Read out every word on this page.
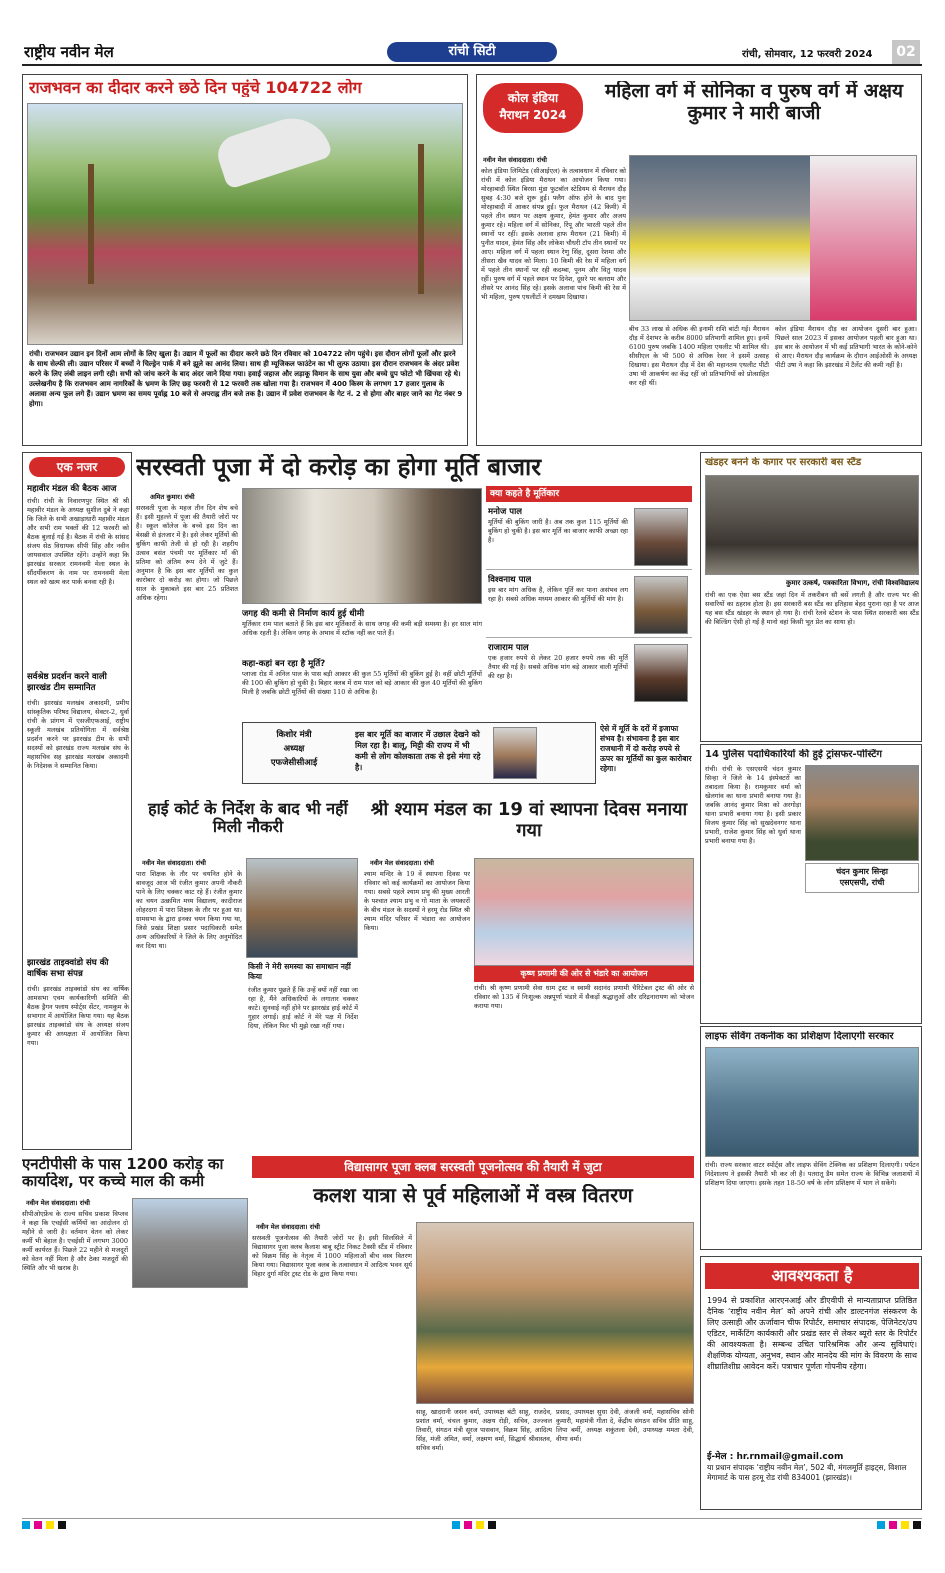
राष्ट्रीय नवीन मेल	रांची सिटी	रांची, सोमवार, 12 फरवरी 2024	02
राजभवन का दीदार करने छठे दिन पहुंचे 104722 लोग
रांची। राजभवन उद्यान इन दिनों आम लोगों के लिए खुला है। उद्यान में फूलों का दीदार करने छठे दिन रविवार को 104722 लोग पहुंचे। इस दौरान लोगों फूलों और झरने के साथ सेल्फी ली। उद्यान परिसर में बच्चों ने चिल्ड्रेन पार्क में बने झूले का आनंद लिया। साथ ही म्यूजिकल फाउंटेन का भी लुत्फ उठाया। इस दौरान राजभवन के अंदर प्रवेश करने के लिए लंबी लाइन लगी रही। सभी को जांच करने के बाद अंदर जाने दिया गया। हवाई जहाज और लड़ाकू विमान के साथ युवा और बच्चे ग्रुप फोटो भी खिंचवा रहे थे। उल्लेखनीय है कि राजभवन आम नागरिकों के भ्रमण के लिए छह फरवरी से 12 फरवरी तक खोला गया है। राजभवन में 400 किस्म के लगभग 17 हजार गुलाब के अलावा अन्य फूल लगे हैं। उद्यान भ्रमण का समय पूर्वाह्न 10 बजे से अपराह्न तीन बजे तक है। उद्यान में प्रवेश राजभवन के गेट नं. 2 से होगा और बाहर जाने का गेट नंबर 9 होगा।
कोल इंडिया
मैराथन 2024
महिला वर्ग में सोनिका व पुरुष वर्ग में अक्षय कुमार ने मारी बाजी
नवीन मेल संवाददाता। रांची
कोल इंडिया लिमिटेड (सीआईएल) के तत्वावधान में रविवार को रांची में कोल इंडिया मैराथन का आयोजन किया गया। मोरहाबादी स्थित बिरसा मुंडा फुटबॉल स्टेडियम से मैराथन दौड़ सुबह 4:30 बजे शुरू हुई। फ्लैग ऑफ होने के बाद पुनः मोरहाबादी में आकर संपन्न हुई। फुल मैराथन (42 किमी) में पहले तीन स्थान पर अक्षय कुमार, हेमंत कुमार और अजय कुमार रहे। महिला वर्ग में सोनिका, रिंपू और भारती पहले तीन स्थानों पर रहीं। इसके अलावा हाफ मैराथन (21 किमी) में पुनीत यादव, हेमंत सिंह और लोकेश चौधरी टॉप तीन स्थानों पर आए। महिला वर्ग में पहला स्थान रेणु सिंह, दूसरा रेशमा और तीसरा खैव यादव को मिला। 10 किमी की रेस में महिला वर्ग में पहले तीन स्थानों पर रही कदम्बा, पूनम और वितु यादव रहीं। पुरुष वर्ग में पहले स्थान पर दिनेश, दूसरे पर बलराम और तीसरे पर आनंद सिंह रहे। इसके अलावा पांच किमी की रेस में भी महिला, पुरुष एथलीटों ने दमखम दिखाया।
बीच 33 लाख से अधिक की इनामी राशि बांटी गई। मैराथन दौड़ में देशभर के करीब 8000 प्रतिभागी शामिल हुए। इनमें 6100 पुरुष जबकि 1400 महिला एथलीट भी शामिल थी। सीसीएल के भी 500 से अधिक रेसर ने इसमें उत्साह दिखाया। इस मैराथन दौड़ में देश की महानतम एथलीट पीटी उषा भी आकर्षण का केंद्र रहीं जो प्रतिभागियों को प्रोत्साहित कर रही थीं।
कोल इंडिया मैराथन दौड़ का आयोजन दूसरी बार हुआ। पिछले साल 2023 में इसका आयोजन पहली बार हुआ था। इस बार के आयोजन में भी कई प्रतिभागी भारत के कोने-कोने से आए। मैराथन दौड़ कार्यक्रम के दौरान आईओसी के अध्यक्ष पीटी उषा ने कहा कि झारखंड में टैलेंट की कमी नहीं है।
एक नजर
महावीर मंडल की बैठक आज
रांची। रांची के निवारणपुर स्थित श्री श्री महावीर मंडल के अध्यक्ष सुशील दुबे ने कहा कि जिले के सभी अखाड़ाधारी महावीर मंडल और सभी राम भक्तों की 12 फरवरी को बैठक बुलाई गई है। बैठक में रांची के सांसद संजय सेठ विधायक सीपी सिंह और नवीन जायसवाल उपस्थित रहेंगे। उन्होंने कहा कि झारखंड सरकार रामनवमी मेला स्थल के सौंदर्यीकरण के नाम पर रामनवमी मेला स्थल को खत्म कर पार्क बनवा रही है।
सर्वश्रेष्ठ प्रदर्शन करने वाली झारखंड टीम सम्मानित
रांची। झारखंड मलखंब अकादमी, प्रमीय सांस्कृतिक परिषद विद्यालय, सेक्टर-2, धुर्वा रांची के प्रांगण में एसजीएफआई, राष्ट्रीय स्कूली मलखंब प्रतियोगिता में सर्वश्रेष्ठ प्रदर्शन करने पर झारखंड टीम के सभी सदस्यों को झारखंड राज्य मलखंब संघ के महासचिव सह झारखंड मलखंब अकादमी के निदेशक ने सम्मानित किया।
झारखंड ताइक्वांडो संघ की वार्षिक सभा संपन्न
रांची। झारखंड ताइक्वांडो संघ का वार्षिक आमसभा एवम कार्यकारिणी समिति की बैठक ड्रैगन फ्लाय स्पोर्ट्स सेंटर, नामकुम के सभागार में आयोजित किया गया। यह बैठक झारखंड ताइक्वांडो संघ के अध्यक्ष संजय कुमार की अध्यक्षता में आयोजित किया गया।
सरस्वती पूजा में दो करोड़ का होगा मूर्ति बाजार
अमित कुमार। रांची
सरस्वती पूजा के महज तीन दिन शेष बचे हैं। इसी मुहल्ले में पूजा की तैयारी जोरों पर है। स्कूल कॉलेज के बच्चे इस दिन का बेसब्री से इंतजार में है। इसे लेकर मूर्तियों की बुकिंग काफी तेजी से हो रही है। शहरीय उत्सव बसंत पंचमी पर मूर्तिकार माँ की प्रतिमा को अंतिम रूप देने में जुटे हैं। अनुमान है कि इस बार मूर्तियों का कुल कारोबार दो करोड़ का होगा। जो पिछले साल के मुकाबले इस बार 25 प्रतिशत अधिक रहेगा।
क्या कहते है मूर्तिकार
मनोज पाल
मूर्तियों की बुकिंग जारी है। अब तक कुल 115 मूर्तियों की बुकिंग हो चुकी है। इस बार मूर्ति का बाजार काफी अच्छा रहा है।
विश्वनाथ पाल
इस बार मांग अधिक है, लेकिन पूर्ति कर पाना असंभव लग रहा है। सबसे अधिक मध्यम आकार की मूर्तियों की मांग है।
राजाराम पाल
एक हजार रुपये से लेकर 20 हजार रुपये तक की मूर्ति तैयार की गई है। सबसे अधिक मांग बड़े आकार वाली मूर्तियों की रहा है।
जगह की कमी से निर्माण कार्य हुई धीमी
मूर्तिकार राम पाल बताते हैं कि इस बार मूर्तिकारों के साथ जगह की कमी बड़ी समस्या है। हर साल मांग अधिक रहती है। लेकिन जगह के अभाव में स्टॉक नहीं कर पाते हैं।
कहा-कहां बन रहा है मूर्ति?
प्लाजा रोड में अनिल पाल के पास बड़ी आकार की कुल 55 मूर्तियों की बुकिंग हुई है। वहीं छोटी मूर्तियों की 100 की बुकिंग हो चुकी है। बिहार क्लब में राम पाल को बड़े आकार की कुल 40 मूर्तियों की बुकिंग मिली है जबकि छोटी मूर्तियों की संख्या 110 से अधिक है।
किशोर मंत्री
अध्यक्ष
एफजेसीसीआई
इस बार मूर्ति का बाजार में उछाल देखने को मिल रहा है। बालू, मिट्टी की राज्य में भी कमी से लोग कोलकाता तक से इसे मंगा रहे है।
ऐसे में मूर्ति के दरों में इजाफा संभव है। संभावना है इस बार राजधानी में दो करोड़ रुपये से ऊपर का मूर्तियों का कुल कारोबार रहेगा।
हाई कोर्ट के निर्देश के बाद भी नहीं मिली नौकरी
नवीन मेल संवाददाता। रांची
पारा शिक्षक के तौर पर चयनित होने के बावजूद आज भी रंजीत कुमार अपनी नौकरी पाने के लिए चक्कर काट रहे हैं। रंजीत कुमार का चयन उत्क्रमित मध्य विद्यालय, कादीराज लोहरदगा में पारा शिक्षक के तौर पर हुआ था। ग्रामसभा के द्वारा इनका चयन किया गया था, जिसे प्रखंड शिक्षा प्रसार पदाधिकारी समेत अन्य अधिकारियों ने जिले के लिए अनुमोदित कर दिया था।
किसी ने मेरी समस्या का समाधान नहीं किया
रंजीत कुमार पूछते हैं कि उन्हें क्यों नहीं रखा जा रहा है, मैंने अधिकारियों के लगातार चक्कर काटे। सुनवाई नहीं होने पर झारखंड हाई कोर्ट में गुहार लगाई। हाई कोर्ट ने मेरे पक्ष में निर्देश दिया, लेकिन फिर भी मुझे रखा नहीं गया।
श्री श्याम मंडल का 19 वां स्थापना दिवस मनाया गया
नवीन मेल संवाददाता। रांची
श्याम मन्दिर के 19 वें स्थापना दिवस पर रविवार को कई कार्यक्रमों का आयोजन किया गया। सबसे पहले श्याम प्रभु की मुख्य आरती के पश्चात श्याम प्रभु व गो माता के जयकारों के बीच मंडल के सदस्यों ने हरमू रोड स्थित श्री श्याम मंदिर परिसर में भंडारा का आयोजन किया।
कृष्ण प्रणामी की ओर से भंडारे का आयोजन
रांची। श्री कृष्ण प्रणामी सेवा धाम ट्रस्ट व स्वामी सदानंद प्रणामी चैरिटेबल ट्रस्ट की ओर से रविवार को 135 वें निःशुल्क अन्नपूर्णा भंडारे में सैकड़ों श्रद्धालुओं और दरिद्रनारायण को भोजन कराया गया।
खंडहर बनने के कगार पर सरकारी बस स्टैंड
कुमार उत्कर्ष, पत्रकारिता विभाग, रांची विश्वविद्यालय
रांची का एक ऐसा बस स्टैंड जहां दिन में तकरीबन सौ बसें लगती है और राज्य भर की सवारियों का ठहराव होता है। इस सरकारी बस स्टैंड का इतिहास बेहद पुराना रहा है पर आज यह बस स्टैंड खंडहर के स्थान हो गया है। रांची रेलवे स्टेशन के पास स्थित सरकारी बस स्टैंड की बिल्डिंग ऐसी हो गई है मानो वहां किसी भूत प्रेत का साया हो।
14 पुलिस पदाधिकारियों की हुई ट्रांसफर-पोस्टिंग
रांची। रांची के एसएसपी चंदन कुमार सिन्हा ने जिले के 14 इंस्पेक्टरों का तबादला किया है। रामकुमार वर्मा को खेलगांव का थाना प्रभारी बनाया गया है। जबकि आनंद कुमार मिश्रा को अरगोड़ा थाना प्रभारी बनाया गया है। इसी प्रकार विजय कुमार सिंह को सुखदेवनगर थाना प्रभारी, राजेश कुमार सिंह को धुर्वा थाना प्रभारी बनाया गया है।
चंदन कुमार सिन्हा
एसएसपी, रांची
लाइफ सेविंग तकनीक का प्रशिक्षण दिलाएगी सरकार
रांची। राज्य सरकार वाटर स्पोर्ट्स और लाइफ सेविंग टेक्निक का प्रशिक्षण दिलाएगी। पर्यटन निदेशालय ने इसकी तैयारी भी कर ली है। पतरातू डैम समेत राज्य के विभिन्न जलाशयों में प्रशिक्षण दिया जाएगा। इसके तहत 18-50 वर्ष के लोग प्रशिक्षण में भाग ले सकेंगे।
एनटीपीसी के पास 1200 करोड़ का कार्यादेश, पर कच्चे माल की कमी
नवीन मेल संवाददाता। रांची
सीपीओएफ्रेंच के राज्य सचिव प्रकाश विप्लव ने कहा कि एचईसी कर्मियों का आंदोलन दो महीने से जारी है। वर्तमान वेतन को लेकर कर्मी भी बेहाल है। एचईसी में लगभग 3000 कर्मी कार्यरत हैं। पिछले 22 महीने से मजदूरों को वेतन नहीं मिला है और ठेका मजदूरों की स्थिति और भी खराब है।
विद्यासागर पूजा क्लब सरस्वती पूजनोत्सव की तैयारी में जुटा
कलश यात्रा से पूर्व महिलाओं में वस्त्र वितरण
नवीन मेल संवाददाता। रांची
सरस्वती पूजनोत्सव की तैयारी जोरों पर है। इसी सिलसिले में विद्यासागर पूजा क्लब कैलाश बाबू स्ट्रीट निकट टैक्सी स्टैंड में रविवार को विक्रम सिंह के नेतृत्व में 1000 महिलाओं बीच वस्त्र वितरण किया गया। विद्यासागर पूजा क्लब के तत्वावधान में आदित्य भवन सूर्य विहार दुर्गा मंदिर ट्रस्ट रोड के द्वारा किया गया।
साहू, खादरानी जसन वर्मा, उपाध्यक्ष बंटी साहू, राजदेव, प्रशांत वर्मा, चंचल कुमार, अक्षय रोड़ी, सचिव, उज्ज्वल तिवारी, संगठन मंत्री सूरज पासवान, विक्रम सिंह, आदित्य सिंह, मंजी अमित, वर्मा, लक्ष्मण वर्मा, सिद्धार्थ श्रीवास्तव, सचिव वर्मा।
प्रसाद, उपाध्यक्ष सुधा देवी, अंजली वर्मा, महासचिव सोनी कुमारी, महामंत्री गीता दे, केंद्रीय संगठन सचिव प्रीति साहू, लिपा बर्मी, अध्यक्ष शकुंतला देवी, उपाध्यक्ष ममता देवी, वीणा वर्मा।
आवश्यकता है
1994 से प्रकाशित आरएनआई और डीएवीपी से मान्यताप्राप्त प्रतिष्ठित दैनिक ‘राष्ट्रीय नवीन मेल’ को अपने रांची और डाल्टनगंज संस्करण के लिए उत्साही और ऊर्जावान चीफ रिपोर्टर, समाचार संपादक, पेजिनेटर/उप एडिटर, मार्केटिंग कार्यकारी और प्रखंड स्तर से लेकर ब्यूरो स्तर के रिपोर्टर की आवश्यकता है। सम्बन्ध उचित पारिश्रमिक और अन्य सुविधाएं। शैक्षणिक योग्यता, अनुभव, स्थान और मानदेय की मांग के विवरण के साथ शीघ्रातिशीघ्र आवेदन करें। पत्राचार पूर्णतः गोपनीय रहेगा।
ई-मेल : hr.rnmail@gmail.com
या प्रधान संपादक ‘राष्ट्रीय नवीन मेल’, 502 बी, मंगलमूर्ति हाइट्स, विशाल मेगामार्ट के पास हरमू रोड रांची 834001 (झारखंड)।
